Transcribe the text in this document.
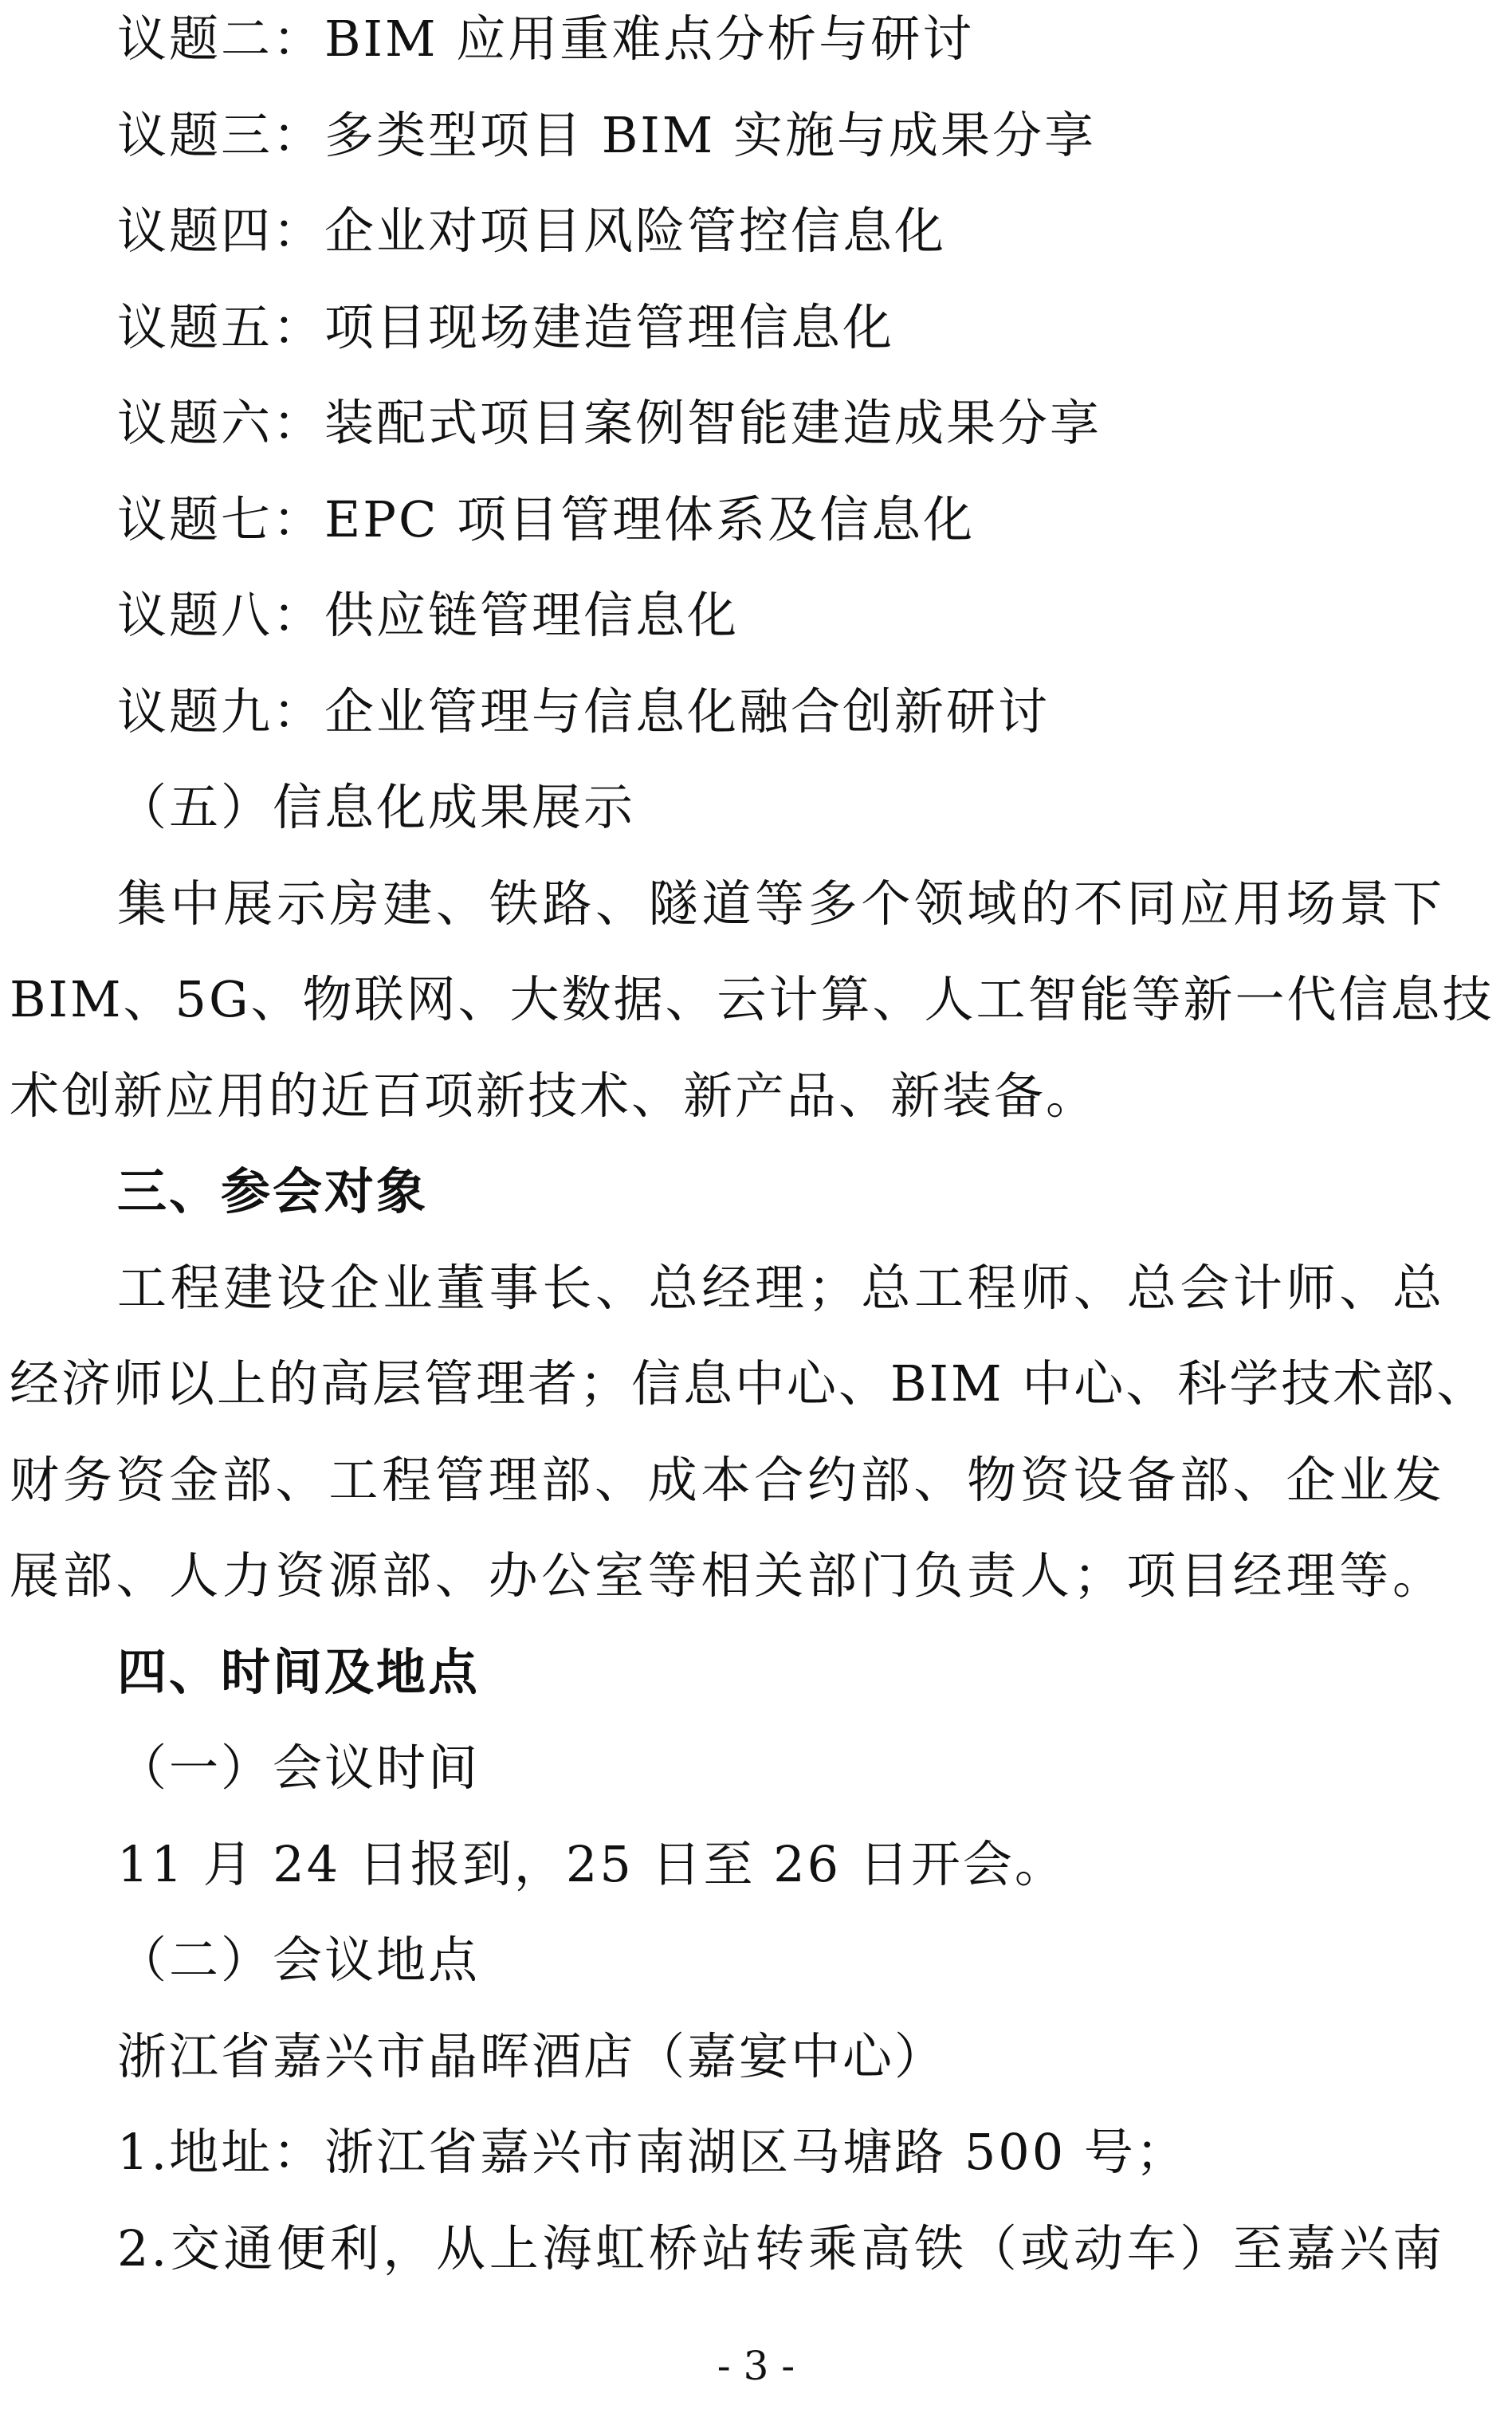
议题二：BIM 应用重难点分析与研讨
议题三：多类型项目 BIM 实施与成果分享
议题四：企业对项目风险管控信息化
议题五：项目现场建造管理信息化
议题六：装配式项目案例智能建造成果分享
议题七：EPC 项目管理体系及信息化
议题八：供应链管理信息化
议题九：企业管理与信息化融合创新研讨
（五）信息化成果展示
集中展示房建、铁路、隧道等多个领域的不同应用场景下
BIM、5G、物联网、大数据、云计算、人工智能等新一代信息技
术创新应用的近百项新技术、新产品、新装备。
三、参会对象
工程建设企业董事长、总经理；总工程师、总会计师、总
经济师以上的高层管理者；信息中心、BIM 中心、科学技术部、
财务资金部、工程管理部、成本合约部、物资设备部、企业发
展部、人力资源部、办公室等相关部门负责人；项目经理等。
四、时间及地点
（一）会议时间
11 月 24 日报到，25 日至 26 日开会。
（二）会议地点
浙江省嘉兴市晶晖酒店（嘉宴中心）
1.地址：浙江省嘉兴市南湖区马塘路 500 号；
2.交通便利，从上海虹桥站转乘高铁（或动车）至嘉兴南
- 3 -
